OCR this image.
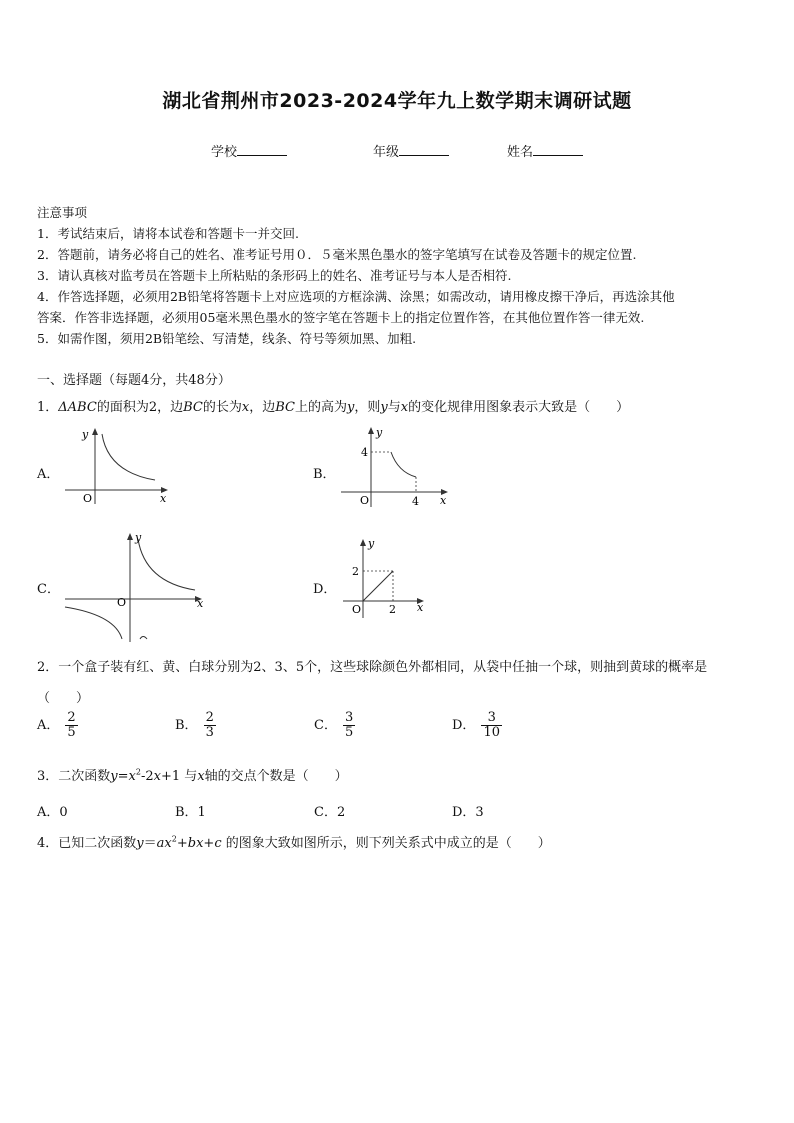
湖北省荆州市2023-2024学年九上数学期末调研试题
学校	年级	姓名
注意事项
1．考试结束后，请将本试卷和答题卡一并交回.
2．答题前，请务必将自己的姓名、准考证号用０．５毫米黑色墨水的签字笔填写在试卷及答题卡的规定位置.
3．请认真核对监考员在答题卡上所粘贴的条形码上的姓名、准考证号与本人是否相符.
4．作答选择题，必须用2B铅笔将答题卡上对应选项的方框涂满、涂黑；如需改动，请用橡皮擦干净后，再选涂其他
答案．作答非选择题，必须用05毫米黑色墨水的签字笔在答题卡上的指定位置作答，在其他位置作答一律无效.
5．如需作图，须用2B铅笔绘、写清楚，线条、符号等须加黑、加粗.
一、选择题（每题4分，共48分）
1．ΔABC的面积为2，边BC的长为x，边BC上的高为y，则y与x的变化规律用图象表示大致是（　　）
A．	B．
C．	D．
O	x
y
O	x
y
4
4
O	x
y
O	x
y
2
2
2．一个盒子装有红、黄、白球分别为2、3、5个，这些球除颜色外都相同，从袋中任抽一个球，则抽到黄球的概率是
（　　）
A． $\frac{2}{5}$	B． $\frac{2}{3}$	C． $\frac{3}{5}$	D． $\frac{3}{10}$
3．二次函数$y=x^2-2x+1$ 与x轴的交点个数是（　　）
A．0	B．1	C．2	D．3
4．已知二次函数$y=ax^2+bx+c$ 的图象大致如图所示，则下列关系式中成立的是（　　）
